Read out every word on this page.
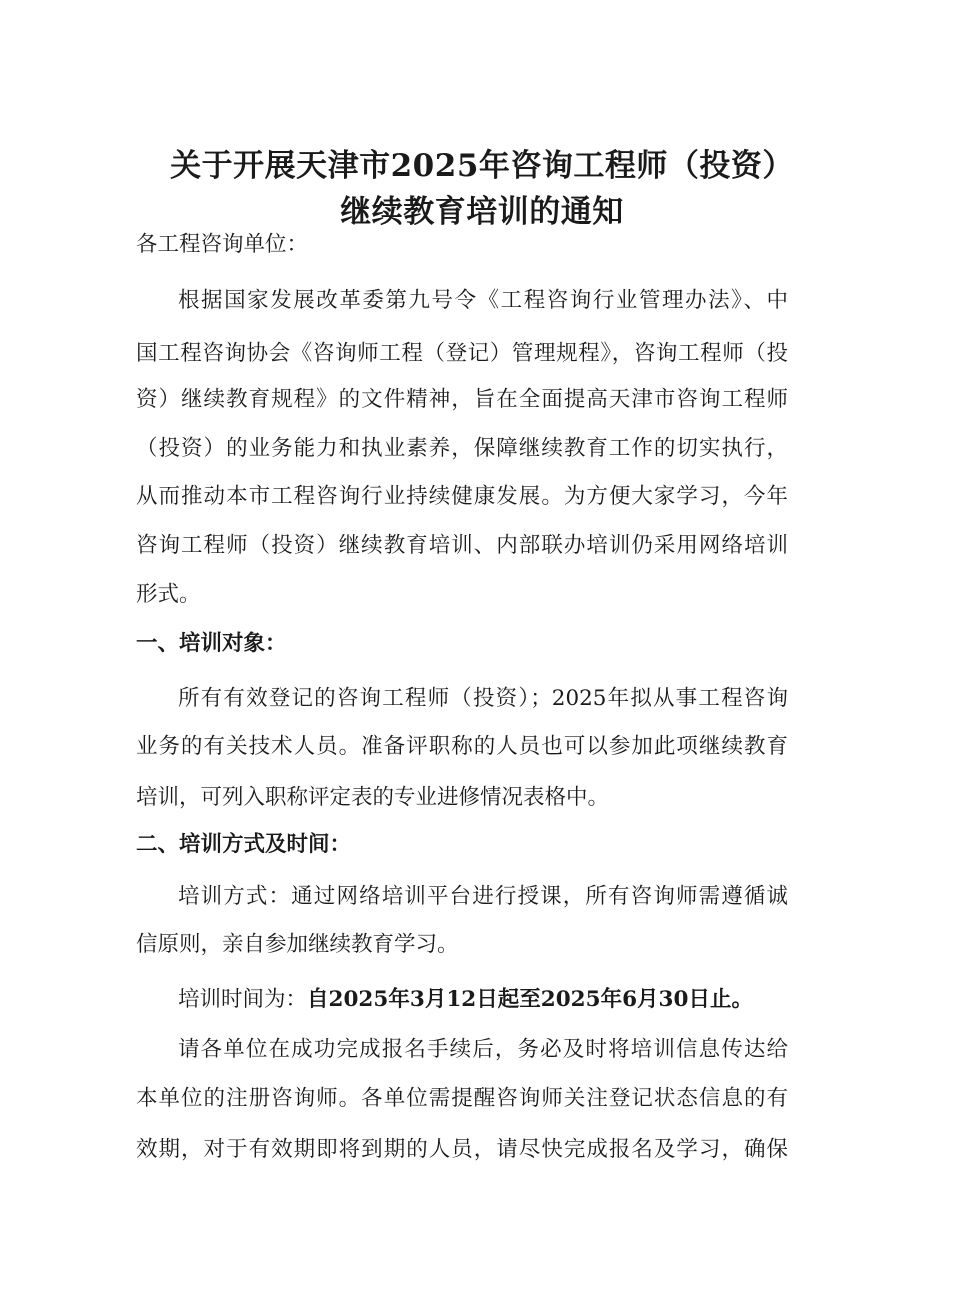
关于开展天津市2025年咨询工程师（投资）
继续教育培训的通知
各工程咨询单位：
根据国家发展改革委第九号令《工程咨询行业管理办法》、中
国工程咨询协会《咨询师工程（登记）管理规程》，咨询工程师（投
资）继续教育规程》的文件精神，旨在全面提高天津市咨询工程师
（投资）的业务能力和执业素养，保障继续教育工作的切实执行，
从而推动本市工程咨询行业持续健康发展。为方便大家学习，今年
咨询工程师（投资）继续教育培训、内部联办培训仍采用网络培训
形式。
一、培训对象：
所有有效登记的咨询工程师（投资）；2025年拟从事工程咨询
业务的有关技术人员。准备评职称的人员也可以参加此项继续教育
培训，可列入职称评定表的专业进修情况表格中。
二、培训方式及时间：
培训方式：通过网络培训平台进行授课，所有咨询师需遵循诚
信原则，亲自参加继续教育学习。
培训时间为：自2025年3月12日起至2025年6月30日止。
请各单位在成功完成报名手续后，务必及时将培训信息传达给
本单位的注册咨询师。各单位需提醒咨询师关注登记状态信息的有
效期，对于有效期即将到期的人员，请尽快完成报名及学习，确保
